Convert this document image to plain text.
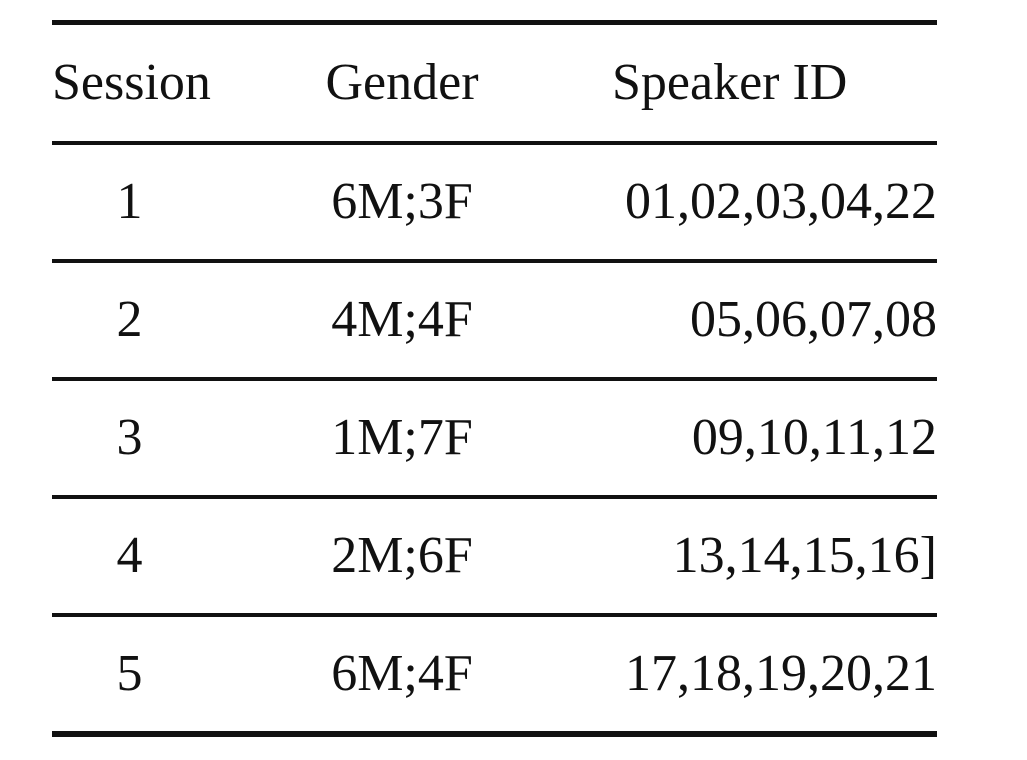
Session	Gender	Speaker ID
1	6M;3F	01,02,03,04,22
2	4M;4F	05,06,07,08
3	1M;7F	09,10,11,12
4	2M;6F	13,14,15,16]
5	6M;4F	17,18,19,20,21
